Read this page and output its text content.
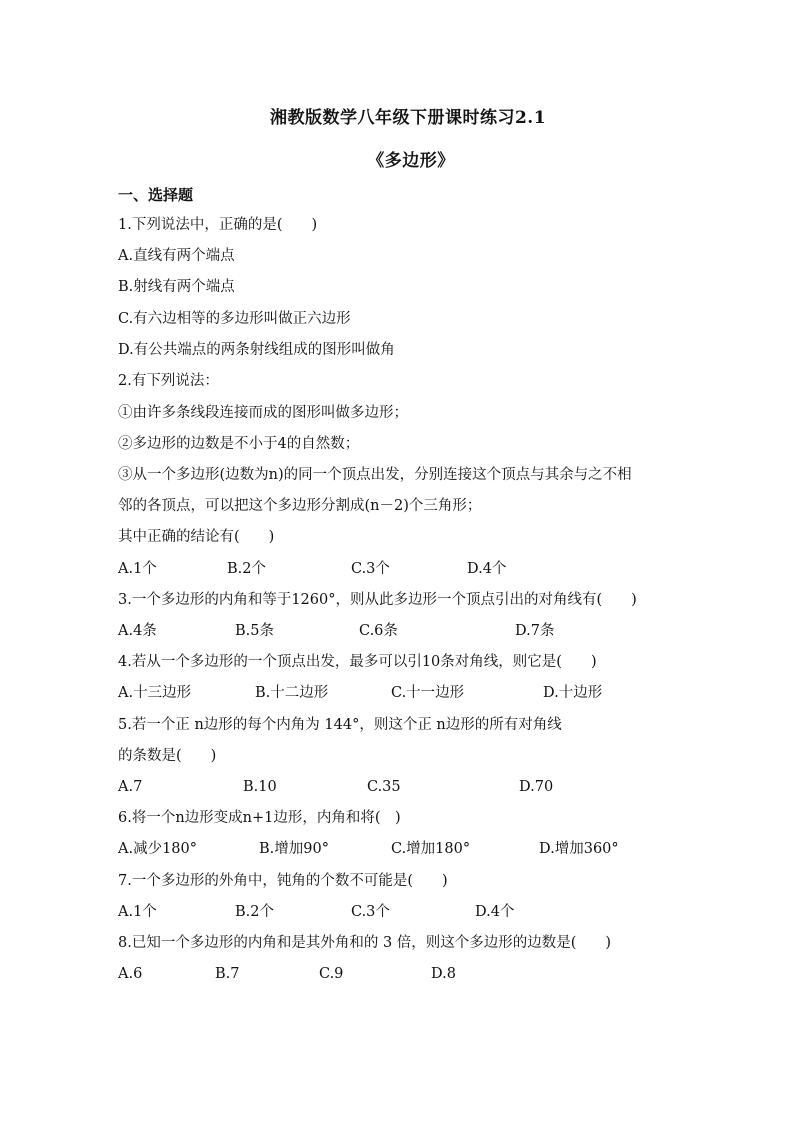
湘教版数学八年级下册课时练习2.1
《多边形》
一、选择题
1.下列说法中，正确的是(　　)
A.直线有两个端点
B.射线有两个端点
C.有六边相等的多边形叫做正六边形
D.有公共端点的两条射线组成的图形叫做角
2.有下列说法：
①由许多条线段连接而成的图形叫做多边形；
②多边形的边数是不小于4的自然数；
③从一个多边形(边数为n)的同一个顶点出发，分别连接这个顶点与其余与之不相
邻的各顶点，可以把这个多边形分割成(n－2)个三角形；
其中正确的结论有(　　)
A.1个	B.2个	C.3个	D.4个
3.一个多边形的内角和等于1260°，则从此多边形一个顶点引出的对角线有(　　)
A.4条	B.5条	C.6条	D.7条
4.若从一个多边形的一个顶点出发，最多可以引10条对角线，则它是(　　)
A.十三边形	B.十二边形	C.十一边形	D.十边形
5.若一个正 n边形的每个内角为 144°，则这个正 n边形的所有对角线
的条数是(　　)
A.7	B.10	C.35	D.70
6.将一个n边形变成n+1边形，内角和将(　)
A.减少180°	B.增加90°	C.增加180°	D.增加360°
7.一个多边形的外角中，钝角的个数不可能是(　　)
A.1个	B.2个	C.3个	D.4个
8.已知一个多边形的内角和是其外角和的 3 倍，则这个多边形的边数是(　　)
A.6	B.7	C.9	D.8
